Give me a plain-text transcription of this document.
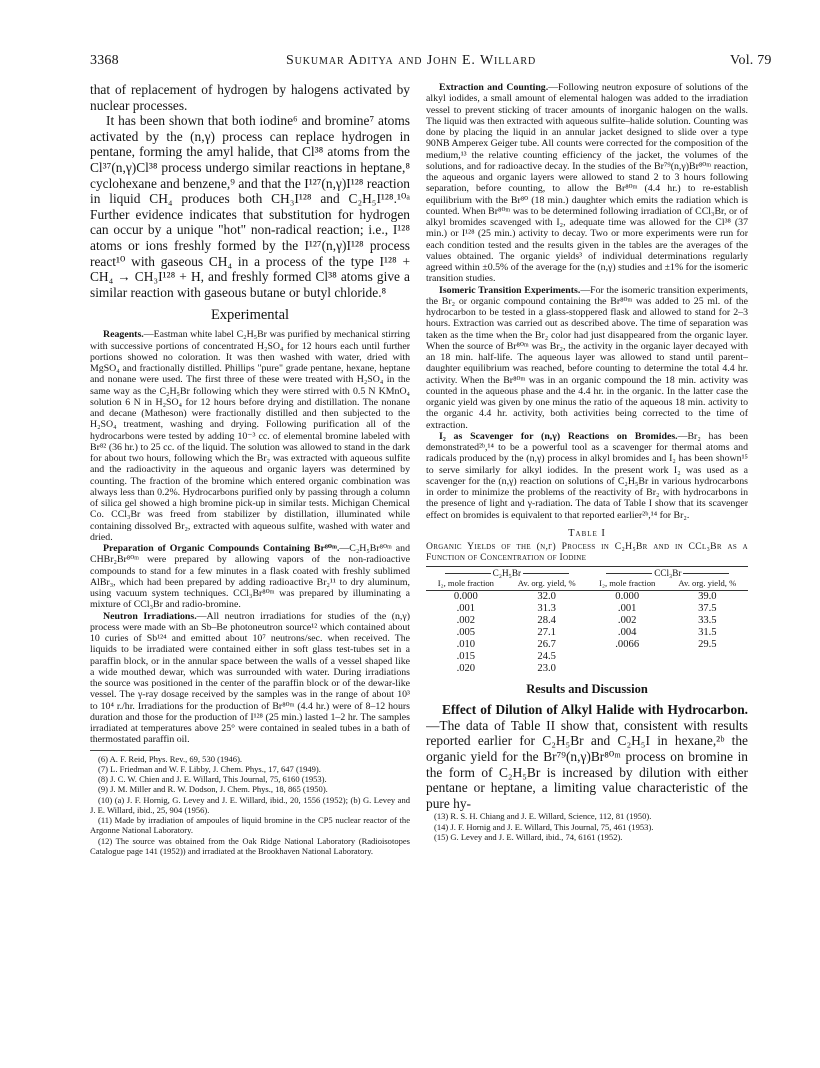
3368	Sukumar Aditya and John E. Willard	Vol. 79

that of replacement of hydrogen by halogens activated by nuclear processes.

It has been shown that both iodine⁶ and bromine⁷ atoms activated by the (n,γ) process can replace hydrogen in pentane, forming the amyl halide, that Cl³⁸ atoms from the Cl³⁷(n,γ)Cl³⁸ process undergo similar reactions in heptane,⁸ cyclohexane and benzene,⁹ and that the I¹²⁷(n,γ)I¹²⁸ reaction in liquid CH₄ produces both CH₃I¹²⁸ and C₂H₅I¹²⁸.¹⁰ᵃ Further evidence indicates that substitution for hydrogen can occur by a unique "hot" non-radical reaction; i.e., I¹²⁸ atoms or ions freshly formed by the I¹²⁷(n,γ)I¹²⁸ process react¹⁰ with gaseous CH₄ in a process of the type I¹²⁸ + CH₄ → CH₃I¹²⁸ + H, and freshly formed Cl³⁸ atoms give a similar reaction with gaseous butane or butyl chloride.⁸

Experimental

Reagents.—Eastman white label C₂H₅Br was purified by mechanical stirring with successive portions of concentrated H₂SO₄ for 12 hours each until further portions showed no coloration. It was then washed with water, dried with MgSO₄ and fractionally distilled. Phillips "pure" grade pentane, hexane, heptane and nonane were used. The first three of these were treated with H₂SO₄ in the same way as the C₂H₅Br following which they were stirred with 0.5 N KMnO₄ solution 6 N in H₂SO₄ for 12 hours before drying and distillation. The nonane and decane (Matheson) were fractionally distilled and then subjected to the H₂SO₄ treatment, washing and drying. Following purification all of the hydrocarbons were tested by adding 10⁻³ cc. of elemental bromine labeled with Br⁸² (36 hr.) to 25 cc. of the liquid. The solution was allowed to stand in the dark for about two hours, following which the Br₂ was extracted with aqueous sulfite and the radioactivity in the aqueous and organic layers was determined by counting. The fraction of the bromine which entered organic combination was always less than 0.2%. Hydrocarbons purified only by passing through a column of silica gel showed a high bromine pick-up in similar tests. Michigan Chemical Co. CCl₃Br was freed from stabilizer by distillation, illuminated while containing dissolved Br₂, extracted with aqueous sulfite, washed with water and dried.

Preparation of Organic Compounds Containing Br⁸⁰ᵐ.—C₂H₅Br⁸⁰ᵐ and CHBr₂Br⁸⁰ᵐ were prepared by allowing vapors of the non-radioactive compounds to stand for a few minutes in a flask coated with freshly sublimed AlBr₃, which had been prepared by adding radioactive Br₂¹¹ to dry aluminum, using vacuum system techniques. CCl₃Br⁸⁰ᵐ was prepared by illuminating a mixture of CCl₃Br and radio-bromine.

Neutron Irradiations.—All neutron irradiations for studies of the (n,γ) process were made with an Sb–Be photoneutron source¹² which contained about 10 curies of Sb¹²⁴ and emitted about 10⁷ neutrons/sec. when received. The liquids to be irradiated were contained either in soft glass test-tubes set in a paraffin block, or in the annular space between the walls of a vessel shaped like a wide mouthed dewar, which was surrounded with water. During irradiations the source was positioned in the center of the paraffin block or of the dewar-like vessel. The γ-ray dosage received by the samples was in the range of about 10³ to 10⁴ r./hr. Irradiations for the production of Br⁸⁰ᵐ (4.4 hr.) were of 8–12 hours duration and those for the production of I¹²⁸ (25 min.) lasted 1–2 hr. The samples irradiated at temperatures above 25° were contained in sealed tubes in a bath of thermostated paraffin oil.

(6) A. F. Reid, Phys. Rev., 69, 530 (1946).

(7) L. Friedman and W. F. Libby, J. Chem. Phys., 17, 647 (1949).

(8) J. C. W. Chien and J. E. Willard, This Journal, 75, 6160 (1953).

(9) J. M. Miller and R. W. Dodson, J. Chem. Phys., 18, 865 (1950).

(10) (a) J. F. Hornig, G. Levey and J. E. Willard, ibid., 20, 1556 (1952); (b) G. Levey and J. E. Willard, ibid., 25, 904 (1956).

(11) Made by irradiation of ampoules of liquid bromine in the CP5 nuclear reactor of the Argonne National Laboratory.

(12) The source was obtained from the Oak Ridge National Laboratory (Radioisotopes Catalogue page 141 (1952)) and irradiated at the Brookhaven National Laboratory.

Extraction and Counting.—Following neutron exposure of solutions of the alkyl iodides, a small amount of elemental halogen was added to the irradiation vessel to prevent sticking of tracer amounts of inorganic halogen on the walls. The liquid was then extracted with aqueous sulfite–halide solution. Counting was done by placing the liquid in an annular jacket designed to slide over a type 90NB Amperex Geiger tube. All counts were corrected for the composition of the medium,¹³ the relative counting efficiency of the jacket, the volumes of the solutions, and for radioactive decay. In the studies of the Br⁷⁹(n,γ)Br⁸⁰ᵐ reaction, the aqueous and organic layers were allowed to stand 2 to 3 hours following separation, before counting, to allow the Br⁸⁰ᵐ (4.4 hr.) to re-establish equilibrium with the Br⁸⁰ (18 min.) daughter which emits the radiation which is counted. When Br⁸⁰ᵐ was to be determined following irradiation of CCl₃Br, or of alkyl bromides scavenged with I₂, adequate time was allowed for the Cl³⁸ (37 min.) or I¹²⁸ (25 min.) activity to decay. Two or more experiments were run for each condition tested and the results given in the tables are the averages of the values obtained. The organic yields³ of individual determinations regularly agreed within ±0.5% of the average for the (n,γ) studies and ±1% for the isomeric transition studies.

Isomeric Transition Experiments.—For the isomeric transition experiments, the Br₂ or organic compound containing the Br⁸⁰ᵐ was added to 25 ml. of the hydrocarbon to be tested in a glass-stoppered flask and allowed to stand for 2–3 hours. Extraction was carried out as described above. The time of separation was taken as the time when the Br₂ color had just disappeared from the organic layer. When the source of Br⁸⁰ᵐ was Br₂, the activity in the organic layer decayed with an 18 min. half-life. The aqueous layer was allowed to stand until parent–daughter equilibrium was reached, before counting to determine the total 4.4 hr. activity. When the Br⁸⁰ᵐ was in an organic compound the 18 min. activity was counted in the aqueous phase and the 4.4 hr. in the organic. In the latter case the organic yield was given by one minus the ratio of the aqueous 18 min. activity to the organic 4.4 hr. activity, both activities being corrected to the time of extraction.

I₂ as Scavenger for (n,γ) Reactions on Bromides.—Br₂ has been demonstrated²ᵇ,¹⁴ to be a powerful tool as a scavenger for thermal atoms and radicals produced by the (n,γ) process in alkyl bromides and I₂ has been shown¹⁵ to serve similarly for alkyl iodides. In the present work I₂ was used as a scavenger for the (n,γ) reaction on solutions of C₂H₅Br in various hydrocarbons in order to minimize the problems of the reactivity of Br₂ with hydrocarbons in the presence of light and γ-radiation. The data of Table I show that its scavenger effect on bromides is equivalent to that reported earlier²ᵇ,¹⁴ for Br₂.

Table I

Organic Yields of the (n,γ) Process in C₂H₅Br and in CCl₃Br as a Function of Concentration of Iodine

C₂H₅Br		CCl₃Br	
I₂, mole fraction	Av. org. yield, %	I₂, mole fraction	Av. org. yield, %
0.000	32.0	0.000	39.0
.001	31.3	.001	37.5
.002	28.4	.002	33.5
.005	27.1	.004	31.5
.010	26.7	.0066	29.5
.015	24.5		
.020	23.0		
Results and Discussion

Effect of Dilution of Alkyl Halide with Hydrocarbon.—The data of Table II show that, consistent with results reported earlier for C₂H₅Br and C₂H₅I in hexane,²ᵇ the organic yield for the Br⁷⁹(n,γ)Br⁸⁰ᵐ process on bromine in the form of C₂H₅Br is increased by dilution with either pentane or heptane, a limiting value characteristic of the pure hy-

(13) R. S. H. Chiang and J. E. Willard, Science, 112, 81 (1950).

(14) J. F. Hornig and J. E. Willard, This Journal, 75, 461 (1953).

(15) G. Levey and J. E. Willard, ibid., 74, 6161 (1952).
